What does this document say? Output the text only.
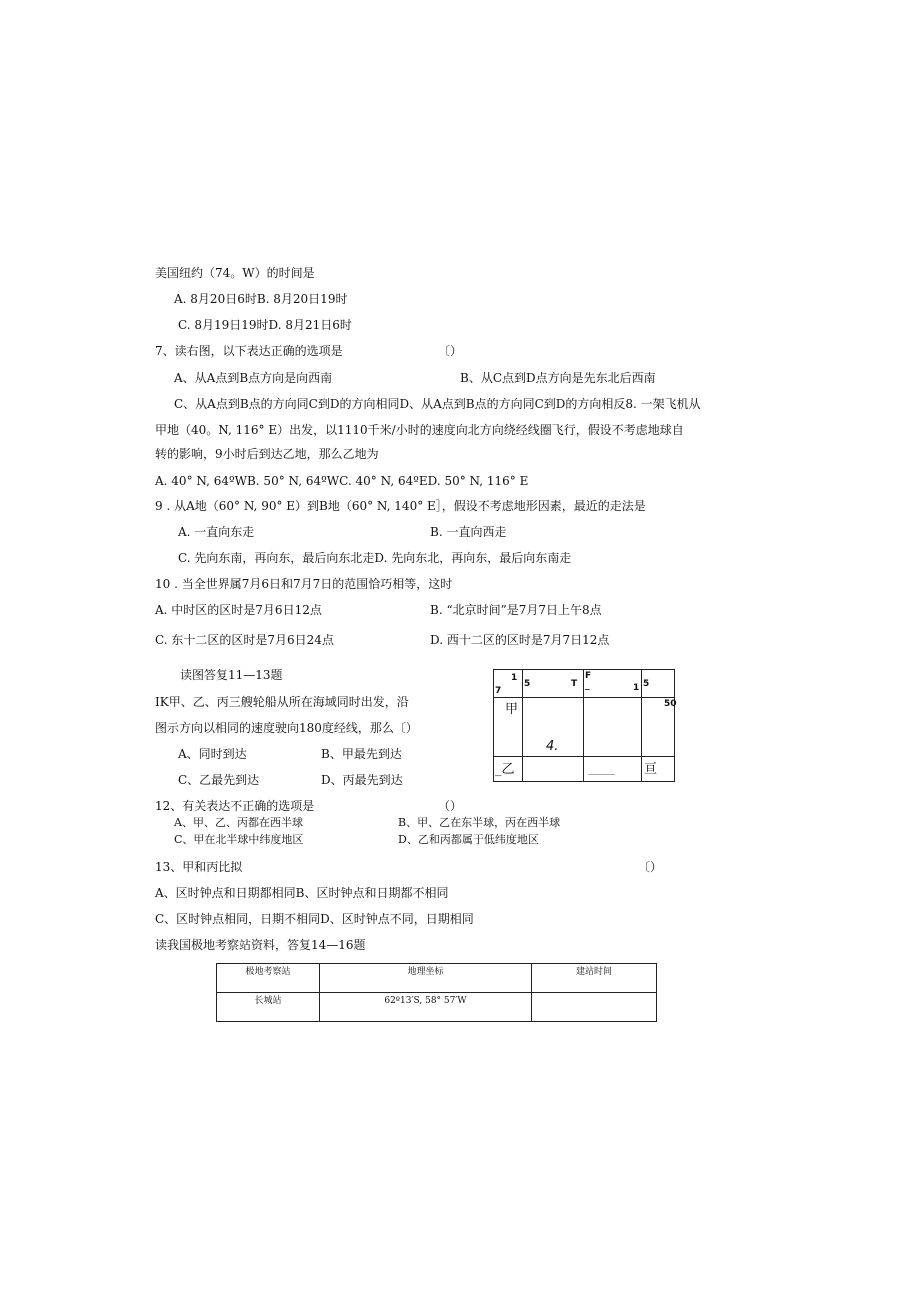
美国纽约（74。W）的时间是
A. 8月20日6时B. 8月20日19时
C. 8月19日19时D. 8月21日6时
7、读右图，以下表达正确的选项是	〔）
A、从A点到B点方向是向西南	B、从C点到D点方向是先东北后西南
C、从A点到B点的方向同C到D的方向相同D、从A点到B点的方向同C到D的方向相反8. 一架飞机从
甲地（40。N, 116° E）出发，以1110千米/小时的速度向北方向绕经线圈飞行，假设不考虑地球自
转的影响，9小时后到达乙地，那么乙地为
A. 40° N, 64ºWB. 50° N, 64ºWC. 40° N, 64ºED. 50° N, 116° E
9 . 从A地（60° N, 90° E）到B地（60° N, 140° E］，假设不考虑地形因素，最近的走法是
A. 一直向东走	B. 一直向西走
C. 先向东南，再向东，最后向东北走D. 先向东北，再向东，最后向东南走
10 . 当全世界属7月6日和7月7日的范围恰巧相等，这时
A. 中时区的区时是7月6日12点	B. “北京时间”是7月7日上午8点
C. 东十二区的区时是7月6日24点	D. 西十二区的区时是7月7日12点
读图答复11—13题
IK甲、乙、丙三艘轮船从所在海域同时出发，沿
图示方向以相同的速度驶向180度经线，那么〔）
A、同时到达	B、甲最先到达
C、乙最先到达	D、丙最先到达
12、有关表达不正确的选项是	（）
A、甲、乙、丙都在西半球	B、甲、乙在东半球，丙在西半球
C、甲在北半球中纬度地区	D、乙和丙都属于低纬度地区
13、甲和丙比拟	〔）
A、区时钟点和日期都相同B、区时钟点和日期都不相同
C、区时钟点相同，日期不相同D、区时钟点不同，日期相同
读我国极地考察站资料，答复14—16题
1
7
5	T
F
_	1 5
50
甲
4.
_乙	______ 亘
极地考察站	地理坐标	建站时间
长城站	62º13′S, 58° 57′W	
